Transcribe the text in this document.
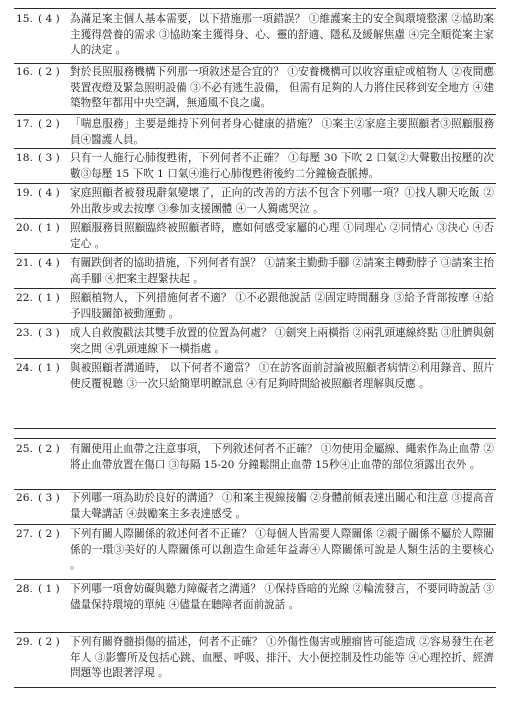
15. ( 4 ) 為滿足案主個人基本需要，以下措施那一項錯誤？ ①維護案主的安全與環境整潔 ②協助案主獲得營養的需求 ③協助案主獲得身、心、靈的舒適、隱私及緩解焦慮 ④完全順從案主家人的決定 。
16. ( 2 ) 對於長照服務機構下列那一項敘述是合宜的？ ①安養機構可以收容重症或植物人 ②夜間應裝置夜燈及緊急照明設備 ③不必有逃生設備， 但需有足夠的人力將住民移到安全地方 ④建築物整年都用中央空調，無通風不良之虞。
17. ( 2 ) 「喘息服務」主要是維持下列何者身心健康的措施？ ①案主②家庭主要照顧者③照顧服務員④醫護人員。
18. ( 3 ) 只有一人施行心肺復甦術，下列何者不正確？ ①每壓 30 下吹 2 口氣②大聲數出按壓的次數③每壓 15 下吹 1 口氣④進行心肺復甦術後約二分鐘檢查脈搏。
19. ( 4 ) 家庭照顧者被發現辭氣變壞了，正向的改善的方法不包含下列哪一項？①找人聊天吃飯 ②外出散步或去按摩 ③參加支援團體 ④一人獨處哭泣 。
20. ( 1 ) 照顧服務員照顧臨終被照顧者時，應如何感受家屬的心理 ①同理心 ②同情心 ③決心 ④否定心 。
21. ( 4 ) 有關跌倒者的協助措施，下列何者有誤？ ①請案主勤動手腳 ②請案主轉動脖子 ③請案主抬高手腳 ④把案主趕緊扶起 。
22. ( 1 ) 照顧植物人，下列措施何者不適？ ①不必跟他說話 ②固定時間翻身 ③給予背部按摩 ④給予四肢關節被動運動 。
23. ( 3 ) 成人自救腹戳法其雙手放置的位置為何處？ ①劍突上兩橫指 ②兩乳頭連線終點 ③肚臍與劍突之間 ④乳頭連線下一橫指處 。
24. ( 1 ) 與被照顧者溝通時， 以下何者不適當？ ①在訪客面前討論被照顧者病情②利用錄音、照片使反覆視聽 ③一次只給簡單明瞭訊息 ④有足夠時間給被照顧者理解與反應 。
25. ( 2 ) 有關使用止血帶之注意事項， 下列敘述何者不正確？ ①勿使用金屬線、繩索作為止血帶 ②將止血帶放置在傷口 ③每隔 15-20 分鐘鬆開止血帶 15秒④止血帶的部位須露出衣外 。
26. ( 3 ) 下列哪一項為助於良好的溝通？ ①和案主視線接觸 ②身體前傾表達出關心和注意 ③提高音量大聲講話 ④鼓勵案主多表達感受 。
27. ( 2 ) 下列有關人際關係的敘述何者不正確？ ①每個人皆需要人際關係 ②親子關係不屬於人際關係的一環③美好的人際關係可以創造生命延年益壽④人際關係可說是人類生活的主要核心 。
28. ( 1 ) 下列哪一項會妨礙與聽力障礙者之溝通？ ①保持昏暗的光線 ②輪流發言，不要同時說話 ③儘量保持環境的單純 ④儘量在聽障者面前說話 。
29. ( 2 ) 下列有關脊髓損傷的描述，何者不正確？ ①外傷性傷害或腫瘤皆可能造成 ②容易發生在老年人 ③影響所及包括心跳、血壓、呼吸、排汗、大小便控制及性功能等 ④心理控折、經濟問題等也跟著浮現 。
